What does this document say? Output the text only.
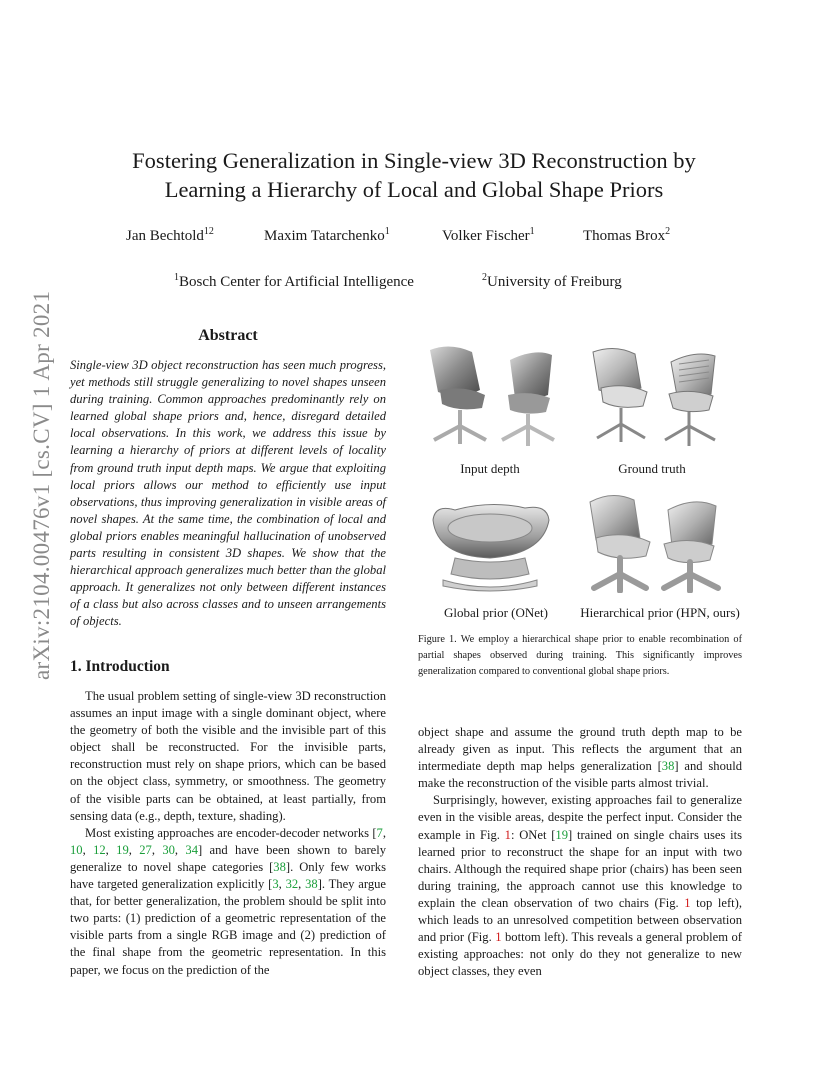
arXiv:2104.00476v1 [cs.CV] 1 Apr 2021
Fostering Generalization in Single-view 3D Reconstruction by
Learning a Hierarchy of Local and Global Shape Priors
Jan Bechtold$^{12}$	Maxim Tatarchenko$^1$	Volker Fischer$^1$	Thomas Brox$^2$
$^1$Bosch Center for Artificial Intelligence	$^2$University of Freiburg
Abstract
Single-view 3D object reconstruction has seen much progress, yet methods still struggle generalizing to novel shapes unseen during training. Common approaches predominantly rely on learned global shape priors and, hence, disregard detailed local observations. In this work, we address this issue by learning a hierarchy of priors at different levels of locality from ground truth input depth maps. We argue that exploiting local priors allows our method to efficiently use input observations, thus improving generalization in visible areas of novel shapes. At the same time, the combination of local and global priors enables meaningful hallucination of unobserved parts resulting in consistent 3D shapes. We show that the hierarchical approach generalizes much better than the global approach. It generalizes not only between different instances of a class but also across classes and to unseen arrangements of objects.
1. Introduction

The usual problem setting of single-view 3D reconstruction assumes an input image with a single dominant object, where the geometry of both the visible and the invisible part of this object shall be reconstructed. For the invisible parts, reconstruction must rely on shape priors, which can be based on the object class, symmetry, or smoothness. The geometry of the visible parts can be obtained, at least partially, from sensing data (e.g., depth, texture, shading).

Most existing approaches are encoder-decoder networks [7, 10, 12, 19, 27, 30, 34] and have been shown to barely generalize to novel shape categories [38]. Only few works have targeted generalization explicitly [3, 32, 38]. They argue that, for better generalization, the problem should be split into two parts: (1) prediction of a geometric representation of the visible parts from a single RGB image and (2) prediction of the final shape from the geometric representation. In this paper, we focus on the prediction of the

Input depth	Ground truth
Global prior (ONet)	Hierarchical prior (HPN, ours)
Figure 1. We employ a hierarchical shape prior to enable recombination of partial shapes observed during training. This significantly improves generalization compared to conventional global shape priors.

object shape and assume the ground truth depth map to be already given as input. This reflects the argument that an intermediate depth map helps generalization [38] and should make the reconstruction of the visible parts almost trivial.

Surprisingly, however, existing approaches fail to generalize even in the visible areas, despite the perfect input. Consider the example in Fig. 1: ONet [19] trained on single chairs uses its learned prior to reconstruct the shape for an input with two chairs. Although the required shape prior (chairs) has been seen during training, the approach cannot use this knowledge to explain the clean observation of two chairs (Fig. 1 top left), which leads to an unresolved competition between observation and prior (Fig. 1 bottom left). This reveals a general problem of existing approaches: not only do they not generalize to new object classes, they even
